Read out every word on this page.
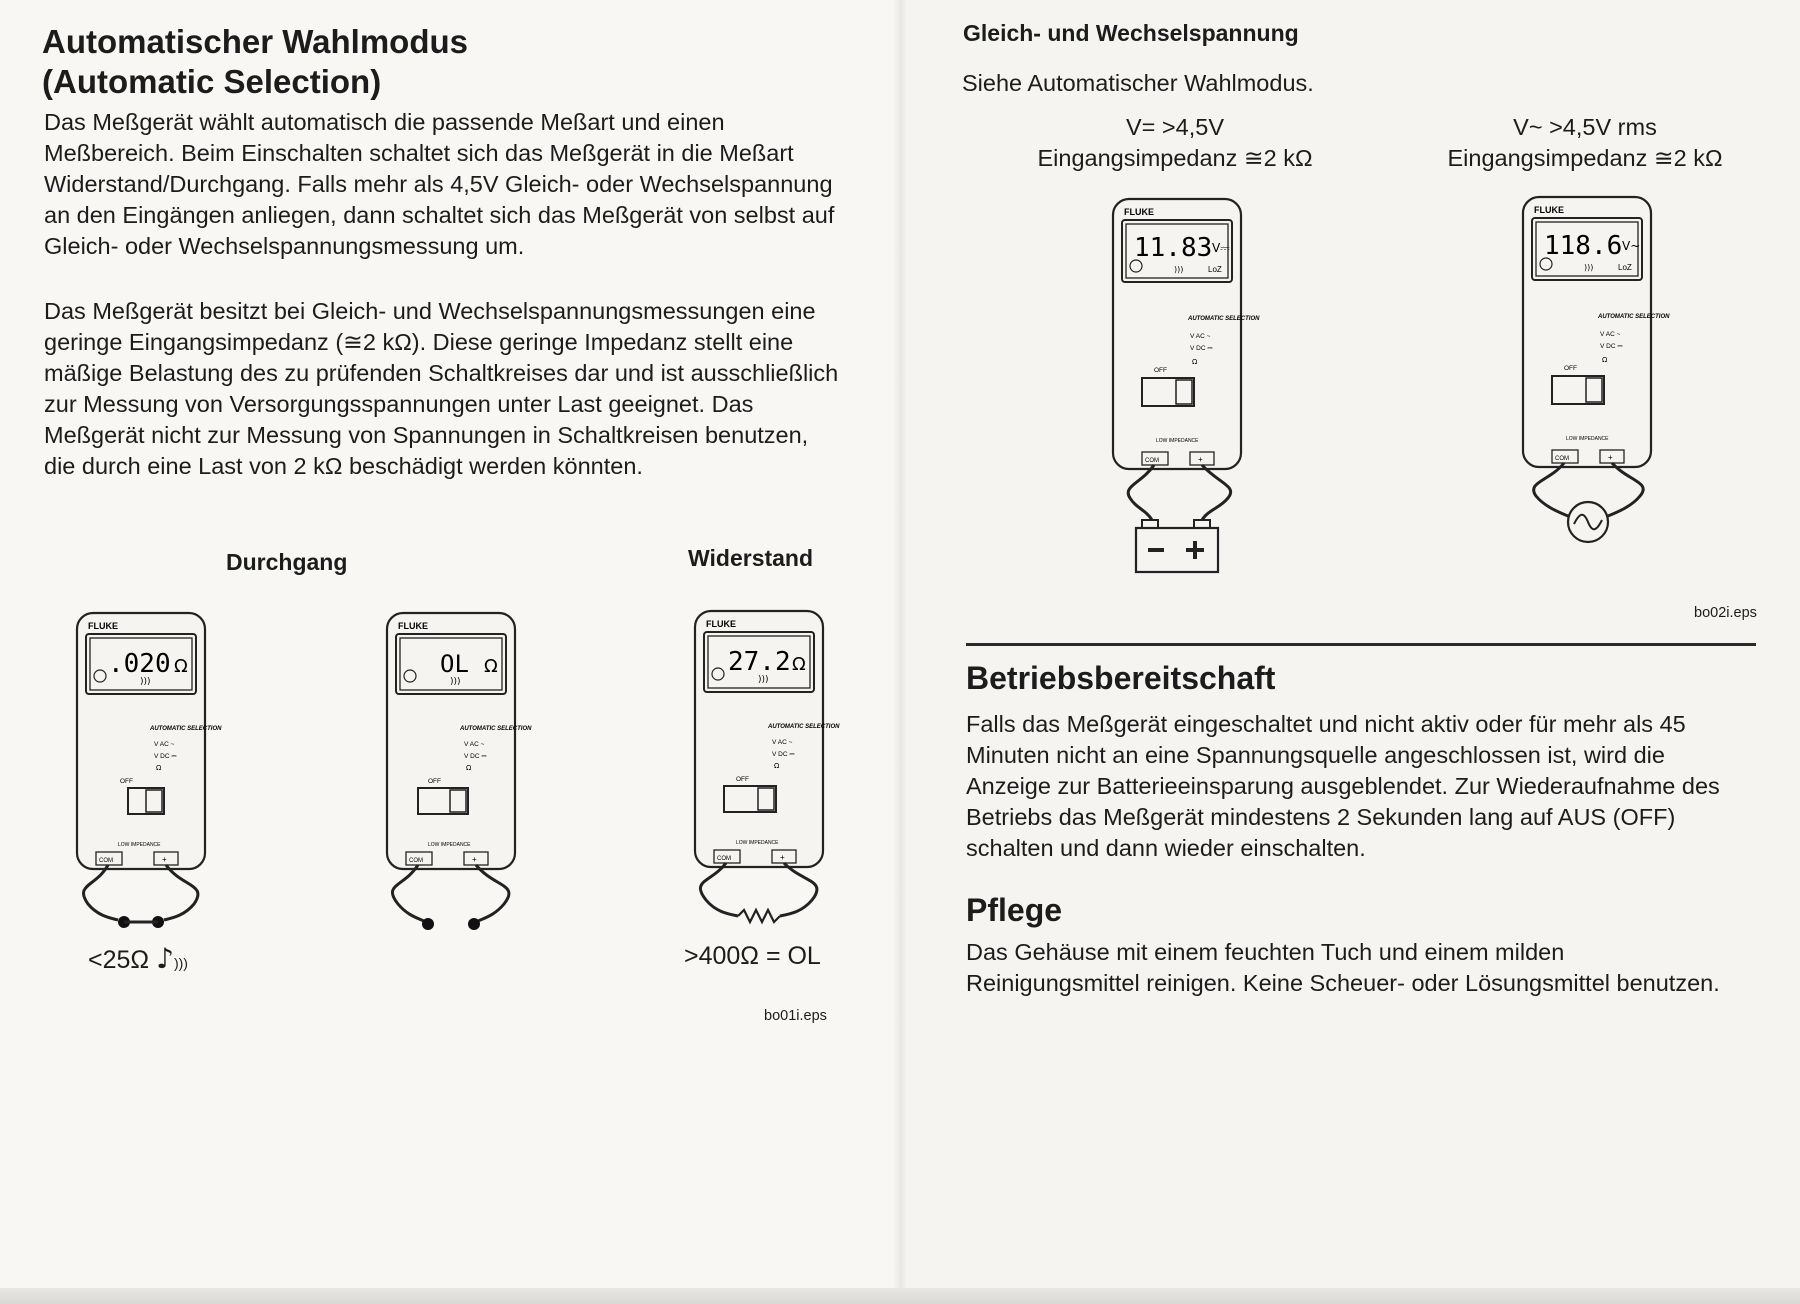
Automatischer Wahlmodus
(Automatic Selection)
Das Meßgerät wählt automatisch die passende Meßart und einen Meßbereich. Beim Einschalten schaltet sich das Meßgerät in die Meßart Widerstand/Durchgang. Falls mehr als 4,5V Gleich- oder Wechselspannung an den Eingängen anliegen, dann schaltet sich das Meßgerät von selbst auf Gleich- oder Wechselspannungsmessung um.
Das Meßgerät besitzt bei Gleich- und Wechselspannungsmessungen eine geringe Eingangsimpedanz (≅2 kΩ). Diese geringe Impedanz stellt eine mäßige Belastung des zu prüfenden Schaltkreises dar und ist ausschließlich zur Messung von Versorgungsspannungen unter Last geeignet. Das Meßgerät nicht zur Messung von Spannungen in Schaltkreisen benutzen, die durch eine Last von 2 kΩ beschädigt werden könnten.
Durchgang	Widerstand
FLUKE
.020 Ω
)))
AUTOMATIC SELECTION
V AC ~
V DC ⎓
Ω
OFF
LOW IMPEDANCE
COM	+
FLUKE
OL Ω
)))
AUTOMATIC SELECTION
V AC ~
V DC ⎓
Ω
OFF
LOW IMPEDANCE
COM	+
FLUKE
27.2 Ω
)))
AUTOMATIC SELECTION
V AC ~
V DC ⎓
Ω
OFF
LOW IMPEDANCE
COM	+
<25Ω ♪)))	>400Ω = OL
bo01i.eps
Gleich- und Wechselspannung
Siehe Automatischer Wahlmodus.
V= >4,5V
Eingangsimpedanz ≅2 kΩ
V~ >4,5V rms
Eingangsimpedanz ≅2 kΩ
FLUKE
11.83 V⎓
)))	LoZ
AUTOMATIC SELECTION
V AC ~
V DC ⎓
Ω
OFF
LOW IMPEDANCE
COM	+
FLUKE
118.6 V~
)))	LoZ
AUTOMATIC SELECTION
V AC ~
V DC ⎓
Ω
OFF
LOW IMPEDANCE
COM	+
bo02i.eps
Betriebsbereitschaft
Falls das Meßgerät eingeschaltet und nicht aktiv oder für mehr als 45 Minuten nicht an eine Spannungsquelle angeschlossen ist, wird die Anzeige zur Batterieeinsparung ausgeblendet. Zur Wiederaufnahme des Betriebs das Meßgerät mindestens 2 Sekunden lang auf AUS (OFF) schalten und dann wieder einschalten.
Pflege
Das Gehäuse mit einem feuchten Tuch und einem milden Reinigungsmittel reinigen. Keine Scheuer- oder Lösungsmittel benutzen.
